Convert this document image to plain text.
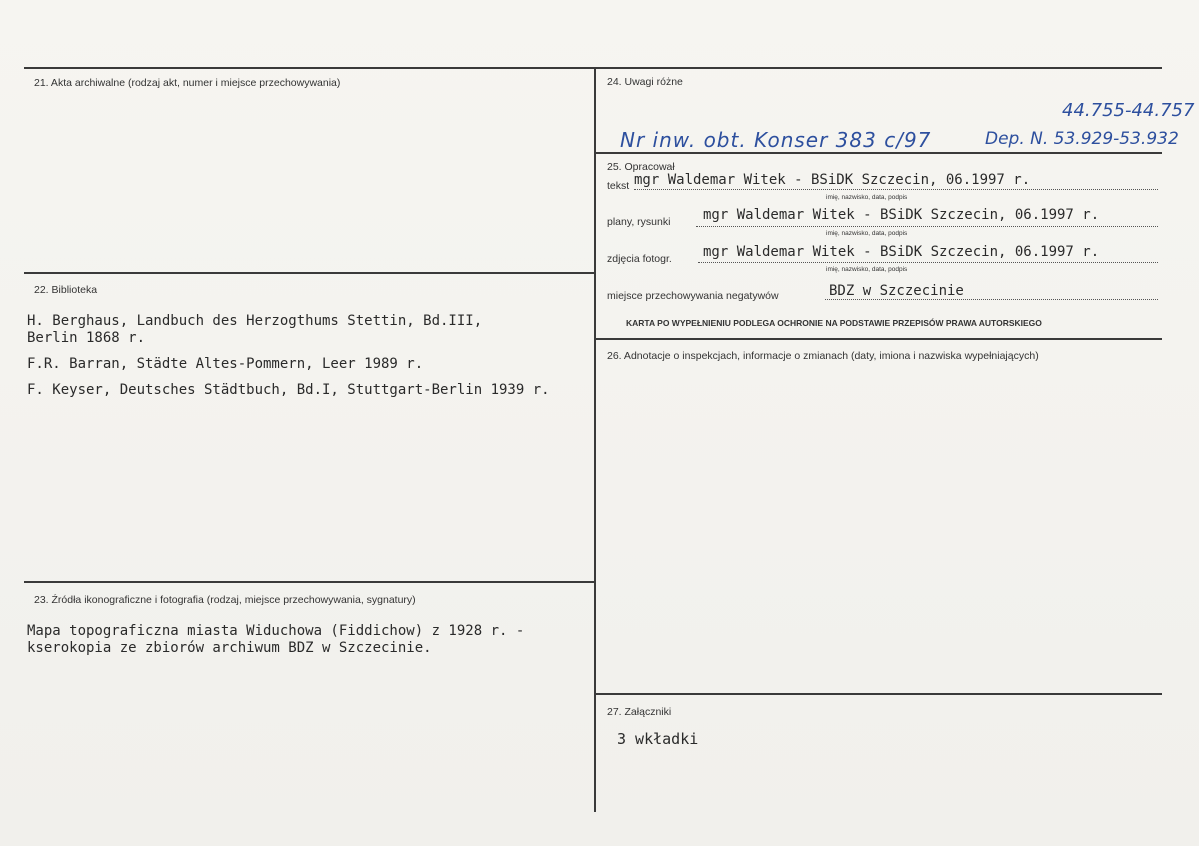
21. Akta archiwalne (rodzaj akt, numer i miejsce przechowywania)
22. Biblioteka
H. Berghaus, Landbuch des Herzogthums Stettin, Bd.III,
Berlin 1868 r.
F.R. Barran, Städte Altes-Pommern, Leer 1989 r.
F. Keyser, Deutsches Städtbuch, Bd.I, Stuttgart-Berlin 1939 r.
23. Źródła ikonograficzne i fotografia (rodzaj, miejsce przechowywania, sygnatury)
Mapa topograficzna miasta Widuchowa (Fiddichow) z 1928 r. -
kserokopia ze zbiorów archiwum BDZ w Szczecinie.
24. Uwagi różne
44.755-44.757
Nr inw. obt. Konser 383 c/97	Dep. N. 53.929-53.932
25. Opracował
tekst mgr Waldemar Witek - BSiDK Szczecin, 06.1997 r.
imię, nazwisko, data, podpis
plany, rysunki mgr Waldemar Witek - BSiDK Szczecin, 06.1997 r.
imię, nazwisko, data, podpis
zdjęcia fotogr. mgr Waldemar Witek - BSiDK Szczecin, 06.1997 r.
imię, nazwisko, data, podpis
miejsce przechowywania negatywów	BDZ w Szczecinie
KARTA PO WYPEŁNIENIU PODLEGA OCHRONIE NA PODSTAWIE PRZEPISÓW PRAWA AUTORSKIEGO
26. Adnotacje o inspekcjach, informacje o zmianach (daty, imiona i nazwiska wypełniających)
27. Załączniki
3 wkładki
